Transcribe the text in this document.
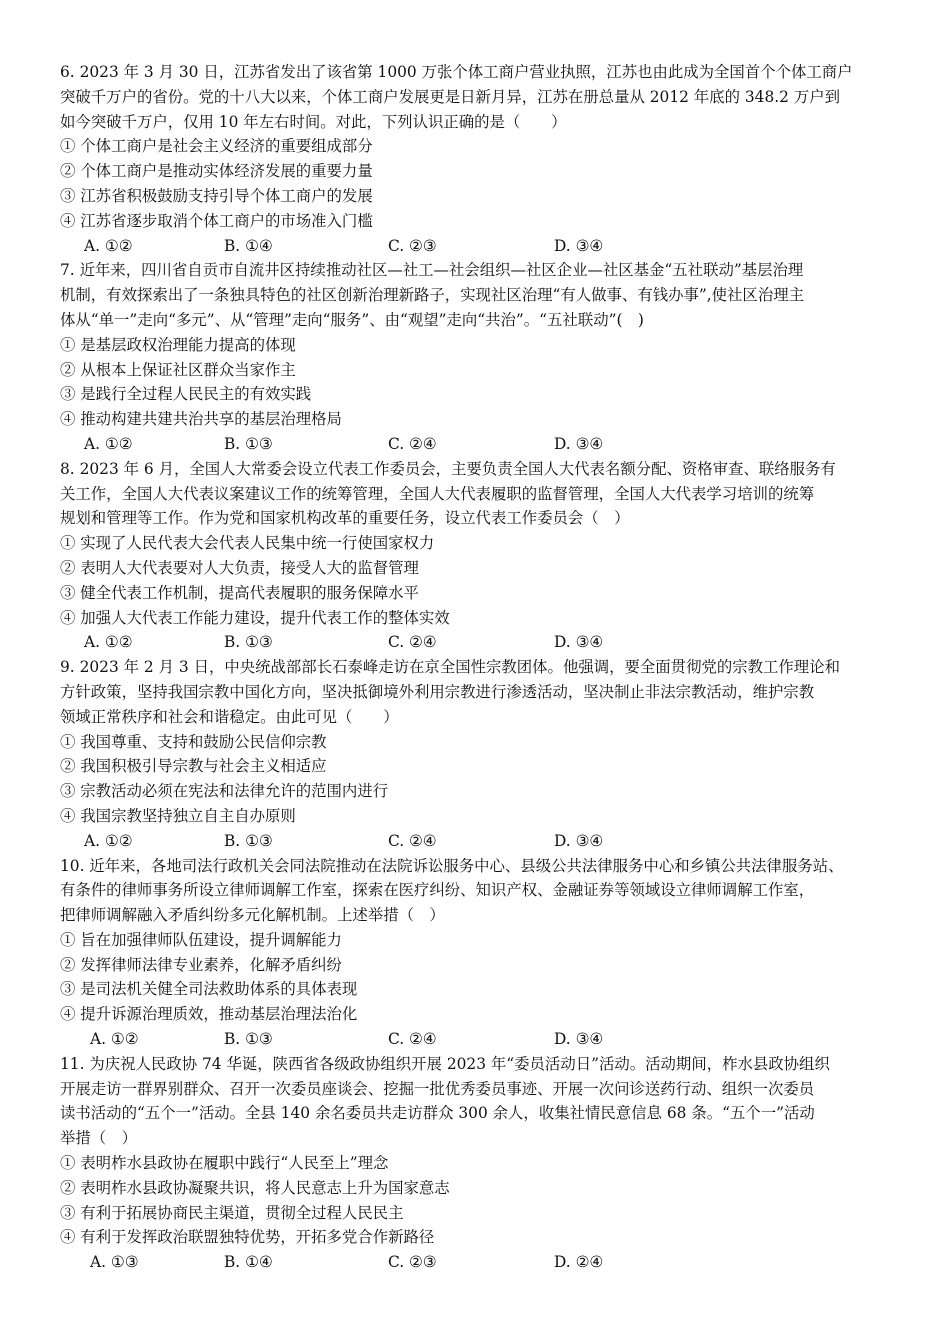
6. 2023 年 3 月 30 日，江苏省发出了该省第 1000 万张个体工商户营业执照，江苏也由此成为全国首个个体工商户
突破千万户的省份。党的十八大以来，个体工商户发展更是日新月异，江苏在册总量从 2012 年底的 348.2 万户到
如今突破千万户，仅用 10 年左右时间。对此，下列认识正确的是（　　）
① 个体工商户是社会主义经济的重要组成部分
② 个体工商户是推动实体经济发展的重要力量
③ 江苏省积极鼓励支持引导个体工商户的发展
④ 江苏省逐步取消个体工商户的市场准入门槛
A. ①②	B. ①④	C. ②③	D. ③④
7. 近年来，四川省自贡市自流井区持续推动社区—社工—社会组织—社区企业—社区基金“五社联动”基层治理
机制，有效探索出了一条独具特色的社区创新治理新路子，实现社区治理“有人做事、有钱办事”,使社区治理主
体从“单一”走向“多元”、从“管理”走向“服务”、由“观望”走向“共治”。“五社联动”(　)
① 是基层政权治理能力提高的体现
② 从根本上保证社区群众当家作主
③ 是践行全过程人民民主的有效实践
④ 推动构建共建共治共享的基层治理格局
A. ①②	B. ①③	C. ②④	D. ③④
8. 2023 年 6 月，全国人大常委会设立代表工作委员会，主要负责全国人大代表名额分配、资格审查、联络服务有
关工作，全国人大代表议案建议工作的统筹管理，全国人大代表履职的监督管理，全国人大代表学习培训的统筹
规划和管理等工作。作为党和国家机构改革的重要任务，设立代表工作委员会（　）
① 实现了人民代表大会代表人民集中统一行使国家权力
② 表明人大代表要对人大负责，接受人大的监督管理
③ 健全代表工作机制，提高代表履职的服务保障水平
④ 加强人大代表工作能力建设，提升代表工作的整体实效
A. ①②	B. ①③	C. ②④	D. ③④
9. 2023 年 2 月 3 日，中央统战部部长石泰峰走访在京全国性宗教团体。他强调，要全面贯彻党的宗教工作理论和
方针政策，坚持我国宗教中国化方向，坚决抵御境外利用宗教进行渗透活动，坚决制止非法宗教活动，维护宗教
领域正常秩序和社会和谐稳定。由此可见（　　）
① 我国尊重、支持和鼓励公民信仰宗教
② 我国积极引导宗教与社会主义相适应
③ 宗教活动必须在宪法和法律允许的范围内进行
④ 我国宗教坚持独立自主自办原则
A. ①②	B. ①③	C. ②④	D. ③④
10. 近年来，各地司法行政机关会同法院推动在法院诉讼服务中心、县级公共法律服务中心和乡镇公共法律服务站、
有条件的律师事务所设立律师调解工作室，探索在医疗纠纷、知识产权、金融证券等领域设立律师调解工作室，
把律师调解融入矛盾纠纷多元化解机制。上述举措（　）
① 旨在加强律师队伍建设，提升调解能力
② 发挥律师法律专业素养，化解矛盾纠纷
③ 是司法机关健全司法救助体系的具体表现
④ 提升诉源治理质效，推动基层治理法治化
A. ①②	B. ①③	C. ②④	D. ③④
11. 为庆祝人民政协 74 华诞，陕西省各级政协组织开展 2023 年“委员活动日”活动。活动期间，柞水县政协组织
开展走访一群界别群众、召开一次委员座谈会、挖掘一批优秀委员事迹、开展一次问诊送药行动、组织一次委员
读书活动的“五个一”活动。全县 140 余名委员共走访群众 300 余人，收集社情民意信息 68 条。“五个一”活动
举措（　）
① 表明柞水县政协在履职中践行“人民至上”理念
② 表明柞水县政协凝聚共识，将人民意志上升为国家意志
③ 有利于拓展协商民主渠道，贯彻全过程人民民主
④ 有利于发挥政治联盟独特优势，开拓多党合作新路径
A. ①③	B. ①④	C. ②③	D. ②④
